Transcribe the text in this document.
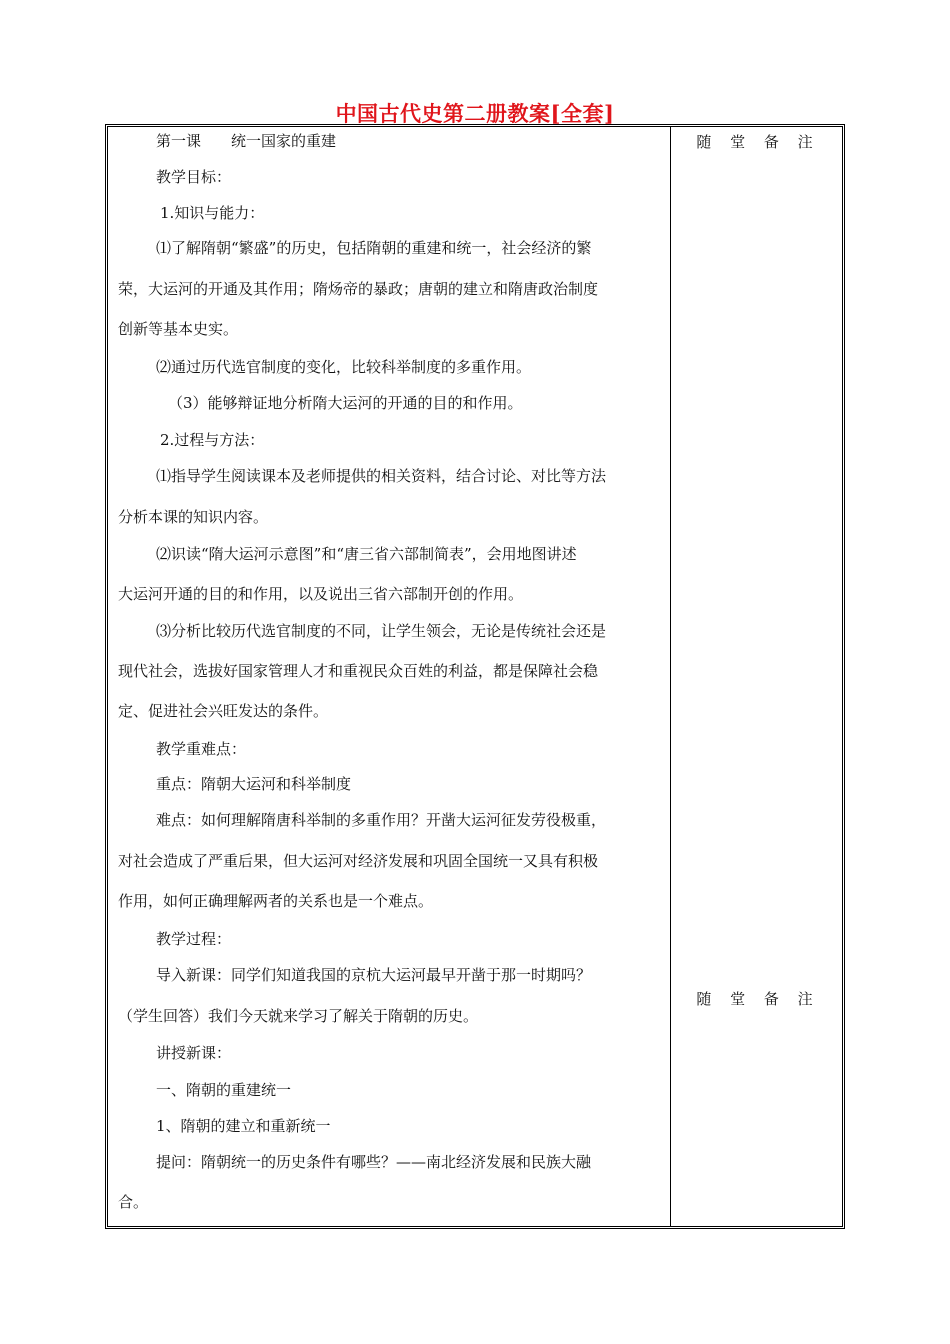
中国古代史第二册教案[全套]
第一课　　统一国家的重建
教学目标：
1.知识与能力：
⑴了解隋朝“繁盛”的历史，包括隋朝的重建和统一，社会经济的繁
荣，大运河的开通及其作用；隋炀帝的暴政；唐朝的建立和隋唐政治制度
创新等基本史实。
⑵通过历代选官制度的变化，比较科举制度的多重作用。
（3）能够辩证地分析隋大运河的开通的目的和作用。
2.过程与方法：
⑴指导学生阅读课本及老师提供的相关资料，结合讨论、对比等方法
分析本课的知识内容。
⑵识读“隋大运河示意图”和“唐三省六部制简表”，会用地图讲述
大运河开通的目的和作用，以及说出三省六部制开创的作用。
⑶分析比较历代选官制度的不同，让学生领会，无论是传统社会还是
现代社会，选拔好国家管理人才和重视民众百姓的利益，都是保障社会稳
定、促进社会兴旺发达的条件。
教学重难点：
重点：隋朝大运河和科举制度
难点：如何理解隋唐科举制的多重作用？开凿大运河征发劳役极重，
对社会造成了严重后果，但大运河对经济发展和巩固全国统一又具有积极
作用，如何正确理解两者的关系也是一个难点。
教学过程：
导入新课：同学们知道我国的京杭大运河最早开凿于那一时期吗？
（学生回答）我们今天就来学习了解关于隋朝的历史。
讲授新课：
一、隋朝的重建统一
1、隋朝的建立和重新统一
提问：隋朝统一的历史条件有哪些？——南北经济发展和民族大融
合。
随 堂 备 注
随 堂 备 注
